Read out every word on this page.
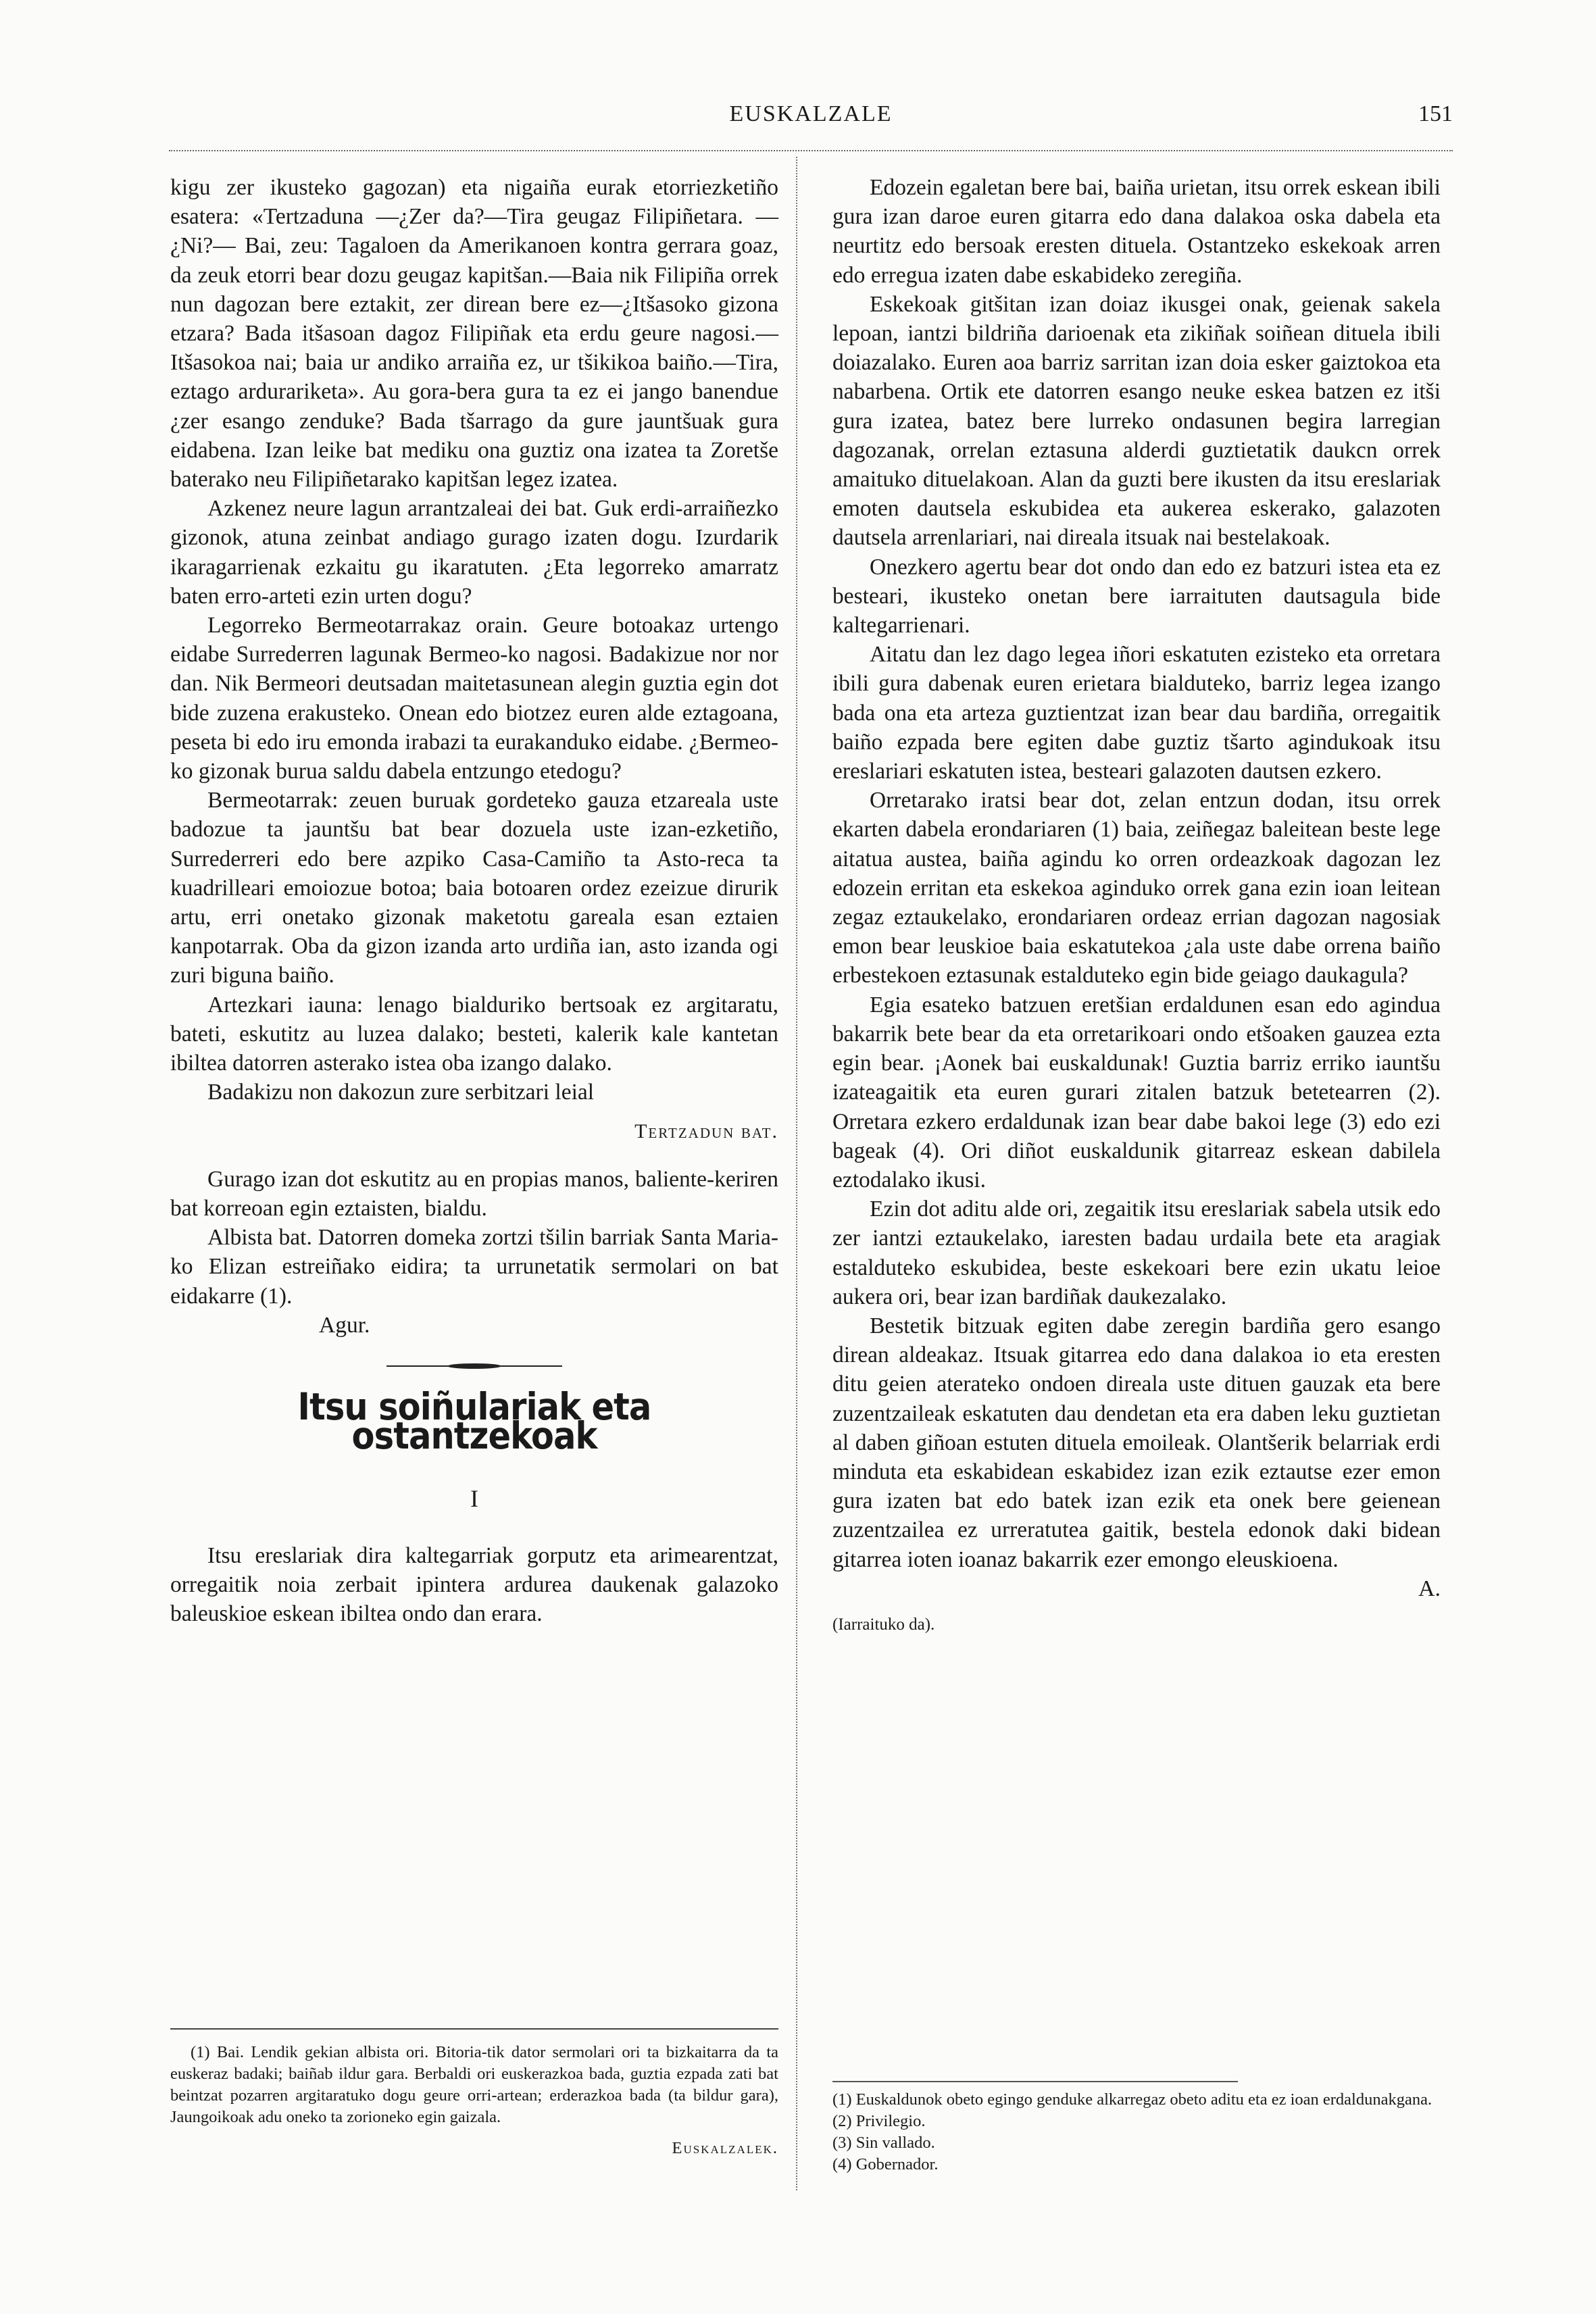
EUSKALZALE	151

kigu zer ikusteko gagozan) eta nigaiña eurak etorriezketiño esatera: «Tertzaduna —¿Zer da?—Tira geugaz Filipiñetara. —¿Ni?— Bai, zeu: Tagaloen da Amerikanoen kontra gerrara goaz, da zeuk etorri bear dozu geugaz kapitšan.—Baia nik Filipiña orrek nun dagozan bere eztakit, zer direan bere ez—¿Itšasoko gizona etzara? Bada itšasoan dagoz Filipiñak eta erdu geure nagosi.—Itšasokoa nai; baia ur andiko arraiña ez, ur tšikikoa baiño.—Tira, eztago ardurariketa». Au gora-bera gura ta ez ei jango banendue ¿zer esango zenduke? Bada tšarrago da gure jauntšuak gura eidabena. Izan leike bat mediku ona guztiz ona izatea ta Zoretše baterako neu Filipiñetarako kapitšan legez izatea.

Azkenez neure lagun arrantzaleai dei bat. Guk erdi-arraiñezko gizonok, atuna zeinbat andiago gurago izaten dogu. Izurdarik ikaragarrienak ezkaitu gu ikaratuten. ¿Eta legorreko amarratz baten erro-arteti ezin urten dogu?

Legorreko Bermeotarrakaz orain. Geure botoakaz urtengo eidabe Surrederren lagunak Bermeo-ko nagosi. Badakizue nor nor dan. Nik Bermeori deutsadan maitetasunean alegin guztia egin dot bide zuzena erakusteko. Onean edo biotzez euren alde eztagoana, peseta bi edo iru emonda irabazi ta eurakanduko eidabe. ¿Bermeo-ko gizonak burua saldu dabela entzungo etedogu?

Bermeotarrak: zeuen buruak gordeteko gauza etzareala uste badozue ta jauntšu bat bear dozuela uste izan-ezketiño, Surrederreri edo bere azpiko Casa-Camiño ta Asto-reca ta kuadrilleari emoiozue botoa; baia botoaren ordez ezeizue dirurik artu, erri onetako gizonak maketotu gareala esan eztaien kanpotarrak. Oba da gizon izanda arto urdiña ian, asto izanda ogi zuri biguna baiño.

Artezkari iauna: lenago bialduriko bertsoak ez argitaratu, bateti, eskutitz au luzea dalako; besteti, kalerik kale kantetan ibiltea datorren asterako istea oba izango dalako.

Badakizu non dakozun zure serbitzari leial

Tertzadun bat.

Gurago izan dot eskutitz au en propias manos, baliente-keriren bat korreoan egin eztaisten, bialdu.

Albista bat. Datorren domeka zortzi tšilin barriak Santa Maria-ko Elizan estreiñako eidira; ta urrunetatik sermolari on bat eidakarre (1).

Agur.

Itsu soiñulariak eta ostantzekoak
I

Itsu ereslariak dira kaltegarriak gorputz eta arimearentzat, orregaitik noia zerbait ipintera ardurea daukenak galazoko baleuskioe eskean ibiltea ondo dan erara.

(1) Bai. Lendik gekian albista ori. Bitoria-tik dator sermolari ori ta bizkaitarra da ta euskeraz badaki; baiñab ildur gara. Berbaldi ori euskerazkoa bada, guztia ezpada zati bat beintzat pozarren argitaratuko dogu geure orri-artean; erderazkoa bada (ta bildur gara), Jaungoikoak adu oneko ta zorioneko egin gaizala.

Euskalzalek.

Edozein egaletan bere bai, baiña urietan, itsu orrek eskean ibili gura izan daroe euren gitarra edo dana dalakoa oska dabela eta neurtitz edo bersoak eresten dituela. Ostantzeko eskekoak arren edo erregua izaten dabe eskabideko zeregiña.

Eskekoak gitšitan izan doiaz ikusgei onak, geienak sakela lepoan, iantzi bildriña darioenak eta zikiñak soiñean dituela ibili doiazalako. Euren aoa barriz sarritan izan doia esker gaiztokoa eta nabarbena. Ortik ete datorren esango neuke eskea batzen ez itši gura izatea, batez bere lurreko ondasunen begira larregian dagozanak, orrelan eztasuna alderdi guztietatik daukcn orrek amaituko dituelakoan. Alan da guzti bere ikusten da itsu ereslariak emoten dautsela eskubidea eta aukerea eskerako, galazoten dautsela arrenlariari, nai direala itsuak nai bestelakoak.

Onezkero agertu bear dot ondo dan edo ez batzuri istea eta ez besteari, ikusteko onetan bere iarraituten dautsagula bide kaltegarrienari.

Aitatu dan lez dago legea iñori eskatuten ezisteko eta orretara ibili gura dabenak euren erietara bialduteko, barriz legea izango bada ona eta arteza guztientzat izan bear dau bardiña, orregaitik baiño ezpada bere egiten dabe guztiz tšarto agindukoak itsu ereslariari eskatuten istea, besteari galazoten dautsen ezkero.

Orretarako iratsi bear dot, zelan entzun dodan, itsu orrek ekarten dabela erondariaren (1) baia, zeiñegaz baleitean beste lege aitatua austea, baiña agindu ko orren ordeazkoak dagozan lez edozein erritan eta eskekoa aginduko orrek gana ezin ioan leitean zegaz eztaukelako, erondariaren ordeaz errian dagozan nagosiak emon bear leuskioe baia eskatutekoa ¿ala uste dabe orrena baiño erbestekoen eztasunak estalduteko egin bide geiago daukagula?

Egia esateko batzuen eretšian erdaldunen esan edo agindua bakarrik bete bear da eta orretarikoari ondo etšoaken gauzea ezta egin bear. ¡Aonek bai euskaldunak! Guztia barriz erriko iauntšu izateagaitik eta euren gurari zitalen batzuk betetearren (2). Orretara ezkero erdaldunak izan bear dabe bakoi lege (3) edo ezi bageak (4). Ori diñot euskaldunik gitarreaz eskean dabilela eztodalako ikusi.

Ezin dot aditu alde ori, zegaitik itsu ereslariak sabela utsik edo zer iantzi eztaukelako, iaresten badau urdaila bete eta aragiak estalduteko eskubidea, beste eskekoari bere ezin ukatu leioe aukera ori, bear izan bardiñak daukezalako.

Bestetik bitzuak egiten dabe zeregin bardiña gero esango direan aldeakaz. Itsuak gitarrea edo dana dalakoa io eta eresten ditu geien aterateko ondoen direala uste dituen gauzak eta bere zuzentzaileak eskatuten dau dendetan eta era daben leku guztietan al daben giñoan estuten dituela emoileak. Olantšerik belarriak erdi minduta eta eskabidean eskabidez izan ezik eztautse ezer emon gura izaten bat edo batek izan ezik eta onek bere geienean zuzentzailea ez urreratutea gaitik, bestela edonok daki bidean gitarrea ioten ioanaz bakarrik ezer emongo eleuskioena.

A.
(Iarraituko da).

(1) Euskaldunok obeto egingo genduke alkarregaz obeto aditu eta ez ioan erdaldunakgana.

(2) Privilegio.

(3) Sin vallado.

(4) Gobernador.
